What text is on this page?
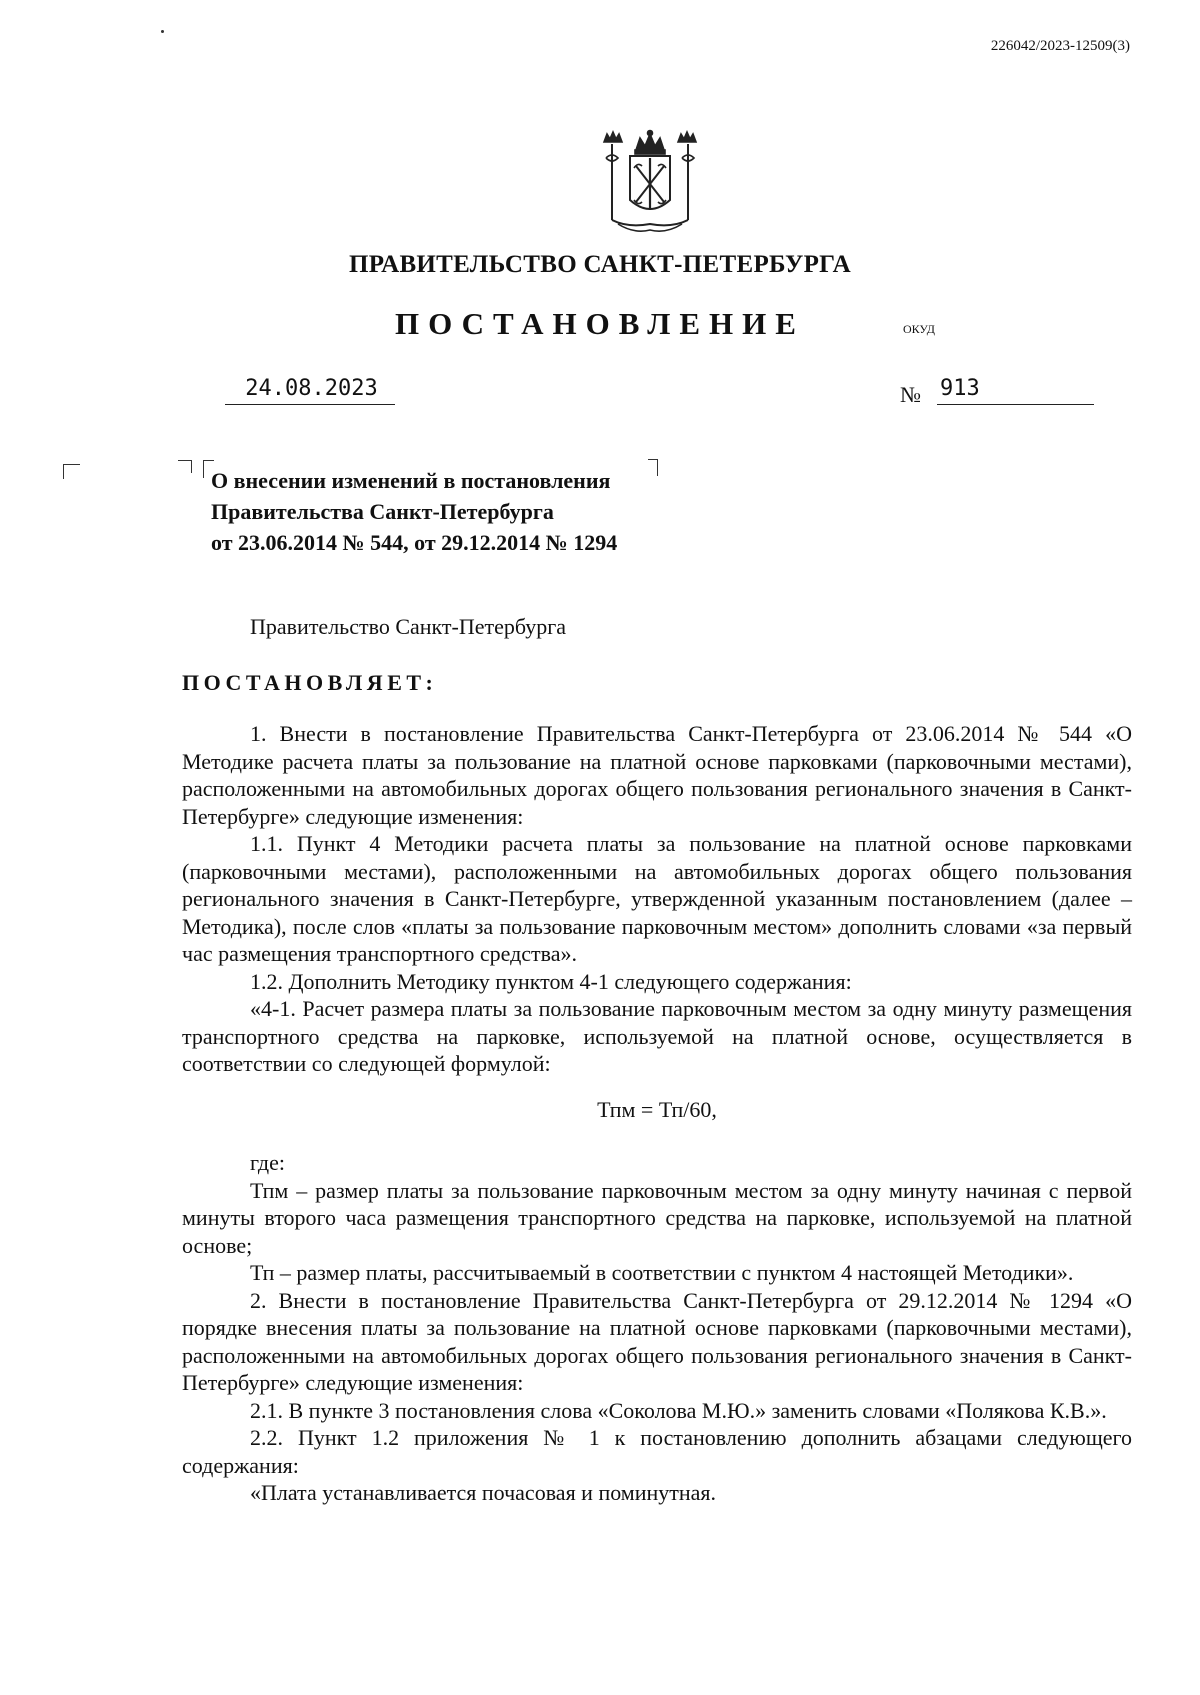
226042/2023-12509(3)
ПРАВИТЕЛЬСТВО САНКТ-ПЕТЕРБУРГА
ПОСТАНОВЛЕНИЕ	ОКУД
24.08.2023	№ 913
О внесении изменений в постановления
Правительства Санкт-Петербурга
от 23.06.2014 № 544, от 29.12.2014 № 1294
Правительство Санкт-Петербурга
ПОСТАНОВЛЯЕТ:

1. Внести в постановление Правительства Санкт-Петербурга от 23.06.2014 № 544 «О Методике расчета платы за пользование на платной основе парковками (парковочными местами), расположенными на автомобильных дорогах общего пользования регионального значения в Санкт-Петербурге» следующие изменения:

1.1. Пункт 4 Методики расчета платы за пользование на платной основе парковками (парковочными местами), расположенными на автомобильных дорогах общего пользования регионального значения в Санкт-Петербурге, утвержденной указанным постановлением (далее – Методика), после слов «платы за пользование парковочным местом» дополнить словами «за первый час размещения транспортного средства».

1.2. Дополнить Методику пунктом 4-1 следующего содержания:

«4-1. Расчет размера платы за пользование парковочным местом за одну минуту размещения транспортного средства на парковке, используемой на платной основе, осуществляется в соответствии со следующей формулой:

Тпм = Тп/60,

где:

Тпм – размер платы за пользование парковочным местом за одну минуту начиная с первой минуты второго часа размещения транспортного средства на парковке, используемой на платной основе;

Тп – размер платы, рассчитываемый в соответствии с пунктом 4 настоящей Методики».

2. Внести в постановление Правительства Санкт-Петербурга от 29.12.2014 № 1294 «О порядке внесения платы за пользование на платной основе парковками (парковочными местами), расположенными на автомобильных дорогах общего пользования регионального значения в Санкт-Петербурге» следующие изменения:

2.1. В пункте 3 постановления слова «Соколова М.Ю.» заменить словами «Полякова К.В.».

2.2. Пункт 1.2 приложения № 1 к постановлению дополнить абзацами следующего содержания:

«Плата устанавливается почасовая и поминутная.
